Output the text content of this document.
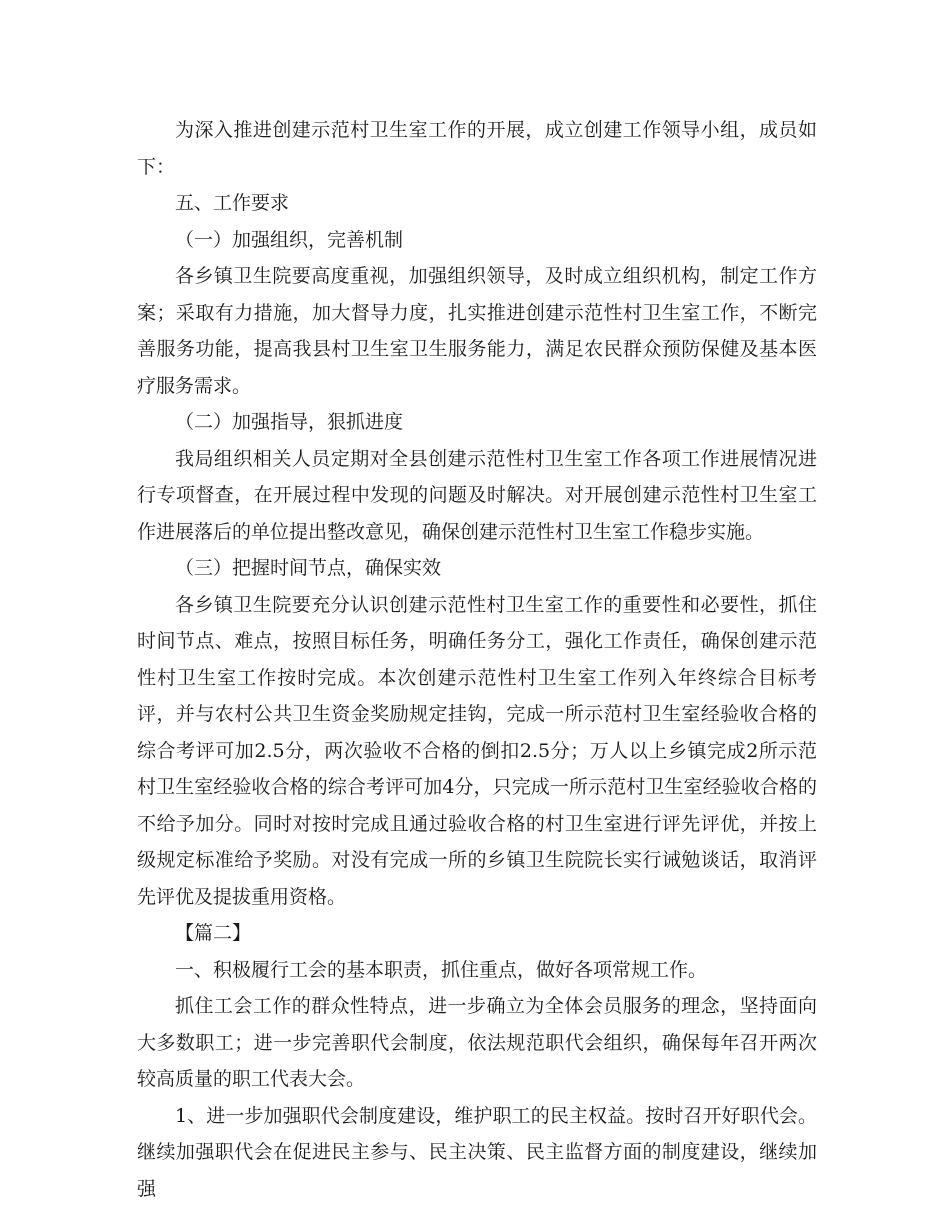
为深入推进创建示范村卫生室工作的开展，成立创建工作领导小组，成员如下：

五、工作要求

（一）加强组织，完善机制

各乡镇卫生院要高度重视，加强组织领导，及时成立组织机构，制定工作方案；采取有力措施，加大督导力度，扎实推进创建示范性村卫生室工作，不断完善服务功能，提高我县村卫生室卫生服务能力，满足农民群众预防保健及基本医疗服务需求。

（二）加强指导，狠抓进度

我局组织相关人员定期对全县创建示范性村卫生室工作各项工作进展情况进行专项督查，在开展过程中发现的问题及时解决。对开展创建示范性村卫生室工作进展落后的单位提出整改意见，确保创建示范性村卫生室工作稳步实施。

（三）把握时间节点，确保实效

各乡镇卫生院要充分认识创建示范性村卫生室工作的重要性和必要性，抓住时间节点、难点，按照目标任务，明确任务分工，强化工作责任，确保创建示范性村卫生室工作按时完成。本次创建示范性村卫生室工作列入年终综合目标考评，并与农村公共卫生资金奖励规定挂钩，完成一所示范村卫生室经验收合格的综合考评可加2.5分，两次验收不合格的倒扣2.5分；万人以上乡镇完成2所示范村卫生室经验收合格的综合考评可加4分，只完成一所示范村卫生室经验收合格的不给予加分。同时对按时完成且通过验收合格的村卫生室进行评先评优，并按上级规定标准给予奖励。对没有完成一所的乡镇卫生院院长实行诫勉谈话，取消评先评优及提拔重用资格。

【篇二】

一、积极履行工会的基本职责，抓住重点，做好各项常规工作。

抓住工会工作的群众性特点，进一步确立为全体会员服务的理念，坚持面向大多数职工；进一步完善职代会制度，依法规范职代会组织，确保每年召开两次较高质量的职工代表大会。

1、进一步加强职代会制度建设，维护职工的民主权益。按时召开好职代会。继续加强职代会在促进民主参与、民主决策、民主监督方面的制度建设，继续加强
